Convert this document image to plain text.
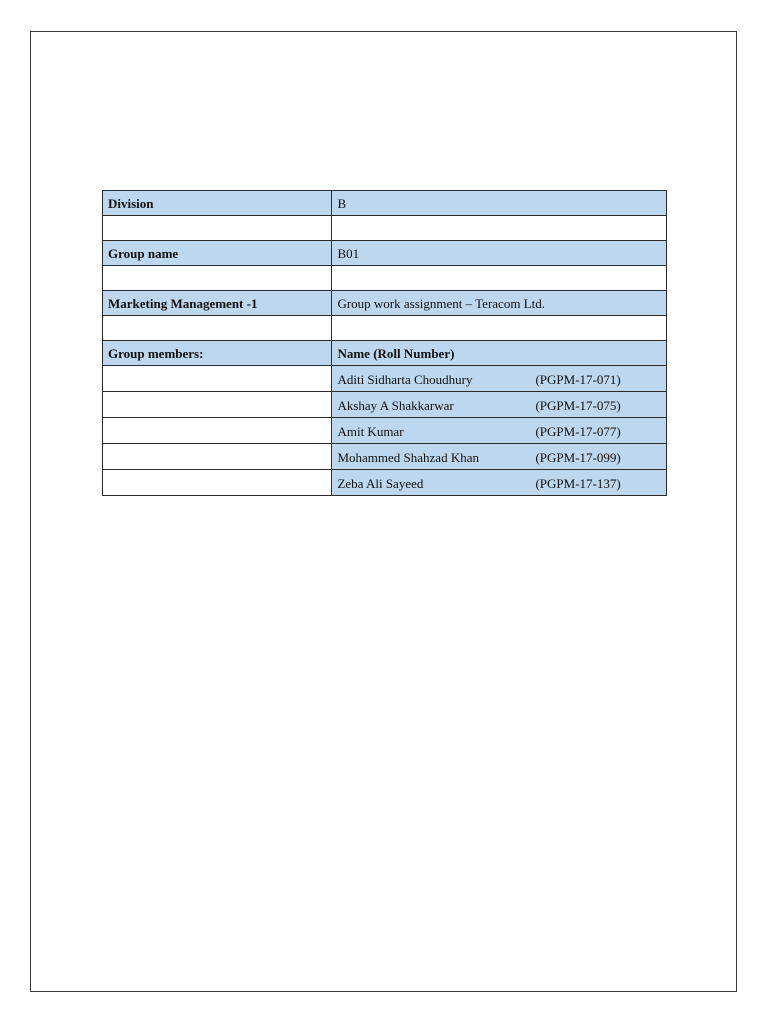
Division	B

Group name	B01

Marketing Management -1	Group work assignment – Teracom Ltd.

Group members:	Name (Roll Number)
	Aditi Sidharta Choudhury (PGPM-17-071)
	Akshay A Shakkarwar (PGPM-17-075)
	Amit Kumar (PGPM-17-077)
	Mohammed Shahzad Khan (PGPM-17-099)
	Zeba Ali Sayeed (PGPM-17-137)
